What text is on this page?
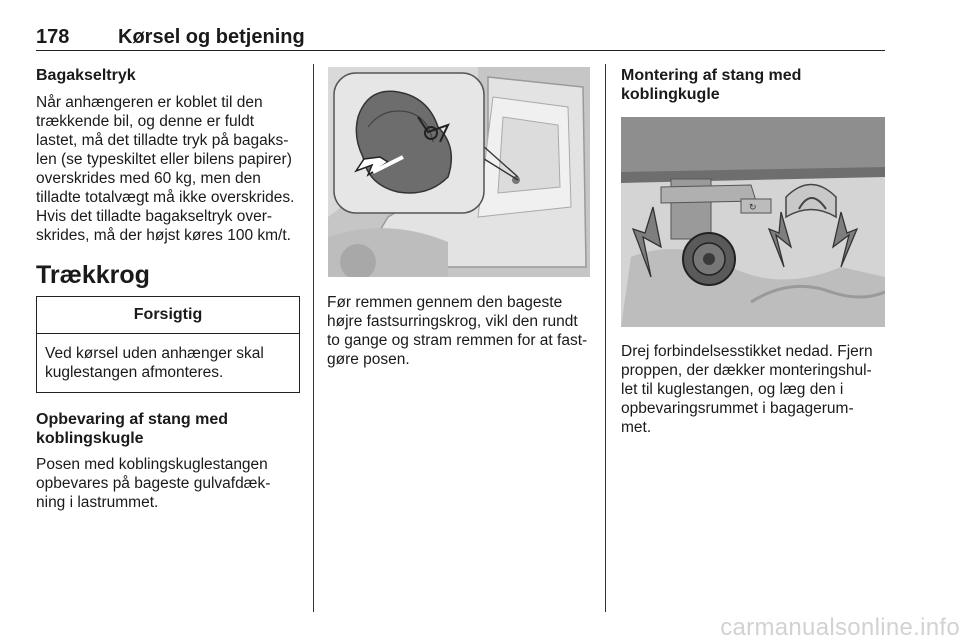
178 Kørsel og betjening
Bagakseltryk

Når anhængeren er koblet til den

trækkende bil, og denne er fuldt

lastet, må det tilladte tryk på bagaks-

len (se typeskiltet eller bilens papirer)

overskrides med 60 kg, men den

tilladte totalvægt må ikke overskrides.

Hvis det tilladte bagakseltryk over-

skrides, må der højst køres 100 km/t.

Trækkrog
Forsigtig
Ved kørsel uden anhænger skal
kuglestangen afmonteres.
Opbevaring af stang med
koblingskugle

Posen med koblingskuglestangen

opbevares på bageste gulvafdæk-

ning i lastrummet.

Før remmen gennem den bageste

højre fastsurringskrog, vikl den rundt

to gange og stram remmen for at fast-

gøre posen.

Montering af stang med
koblingkugle
↻

Drej forbindelsesstikket nedad. Fjern

proppen, der dækker monteringshul-

let til kuglestangen, og læg den i

opbevaringsrummet i bagagerum-

met.

carmanualsonline.info
